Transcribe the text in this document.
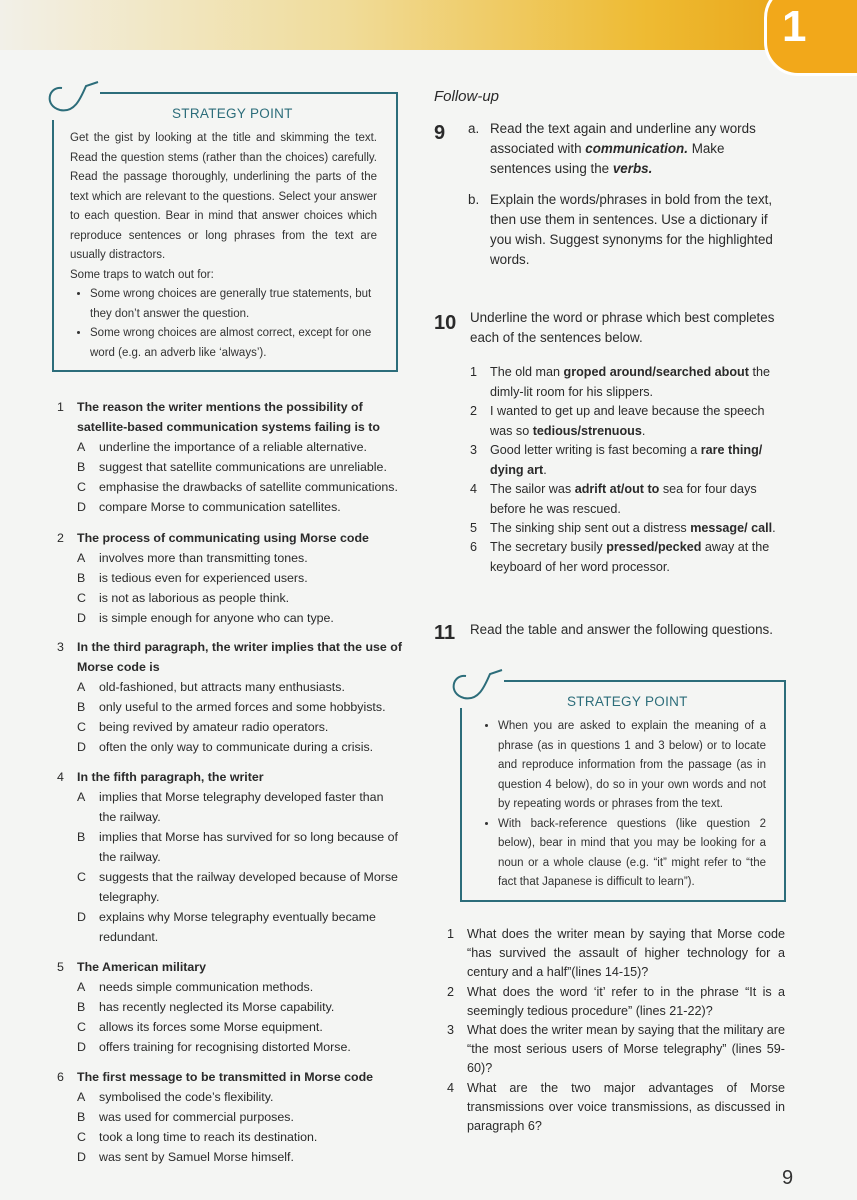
1
STRATEGY POINT

Get the gist by looking at the title and skimming the text. Read the question stems (rather than the choices) carefully. Read the passage thoroughly, underlining the parts of the text which are relevant to the questions. Select your answer to each question. Bear in mind that answer choices which reproduce sentences or long phrases from the text are usually distractors.

Some traps to watch out for:

• Some wrong choices are generally true statements, but they don’t answer the question.
• Some wrong choices are almost correct, except for one word (e.g. an adverb like ‘always’).
1 The reason the writer mentions the possibility of satellite-based communication systems failing is to
A underline the importance of a reliable alternative.
B suggest that satellite communications are unreliable.
C emphasise the drawbacks of satellite communications.
D compare Morse to communication satellites.
2 The process of communicating using Morse code
A involves more than transmitting tones.
B is tedious even for experienced users.
C is not as laborious as people think.
D is simple enough for anyone who can type.
3 In the third paragraph, the writer implies that the use of Morse code is
A old-fashioned, but attracts many enthusiasts.
B only useful to the armed forces and some hobbyists.
C being revived by amateur radio operators.
D often the only way to communicate during a crisis.
4 In the fifth paragraph, the writer
A implies that Morse telegraphy developed faster than the railway.
B implies that Morse has survived for so long because of the railway.
C suggests that the railway developed because of Morse telegraphy.
D explains why Morse telegraphy eventually became redundant.
5 The American military
A needs simple communication methods.
B has recently neglected its Morse capability.
C allows its forces some Morse equipment.
D offers training for recognising distorted Morse.
6 The first message to be transmitted in Morse code
A symbolised the code’s flexibility.
B was used for commercial purposes.
C took a long time to reach its destination.
D was sent by Samuel Morse himself.
Follow-up
9 a. Read the text again and underline any words associated with communication. Make sentences using the verbs.
b. Explain the words/phrases in bold from the text, then use them in sentences. Use a dictionary if you wish. Suggest synonyms for the highlighted words.
10 Underline the word or phrase which best completes each of the sentences below.
1 The old man groped around/searched about the dimly-lit room for his slippers.
2 I wanted to get up and leave because the speech was so tedious/strenuous.
3 Good letter writing is fast becoming a rare thing/ dying art.
4 The sailor was adrift at/out to sea for four days before he was rescued.
5 The sinking ship sent out a distress message/ call.
6 The secretary busily pressed/pecked away at the keyboard of her word processor.
11 Read the table and answer the following questions.
STRATEGY POINT
• When you are asked to explain the meaning of a phrase (as in questions 1 and 3 below) or to locate and reproduce information from the passage (as in question 4 below), do so in your own words and not by repeating words or phrases from the text.
• With back-reference questions (like question 2 below), bear in mind that you may be looking for a noun or a whole clause (e.g. “it” might refer to “the fact that Japanese is difficult to learn”).
1 What does the writer mean by saying that Morse code “has survived the assault of higher technology for a century and a half”(lines 14-15)?
2 What does the word ‘it’ refer to in the phrase “It is a seemingly tedious procedure” (lines 21-22)?
3 What does the writer mean by saying that the military are “the most serious users of Morse telegraphy” (lines 59-60)?
4 What are the two major advantages of Morse transmissions over voice transmissions, as discussed in paragraph 6?
9
